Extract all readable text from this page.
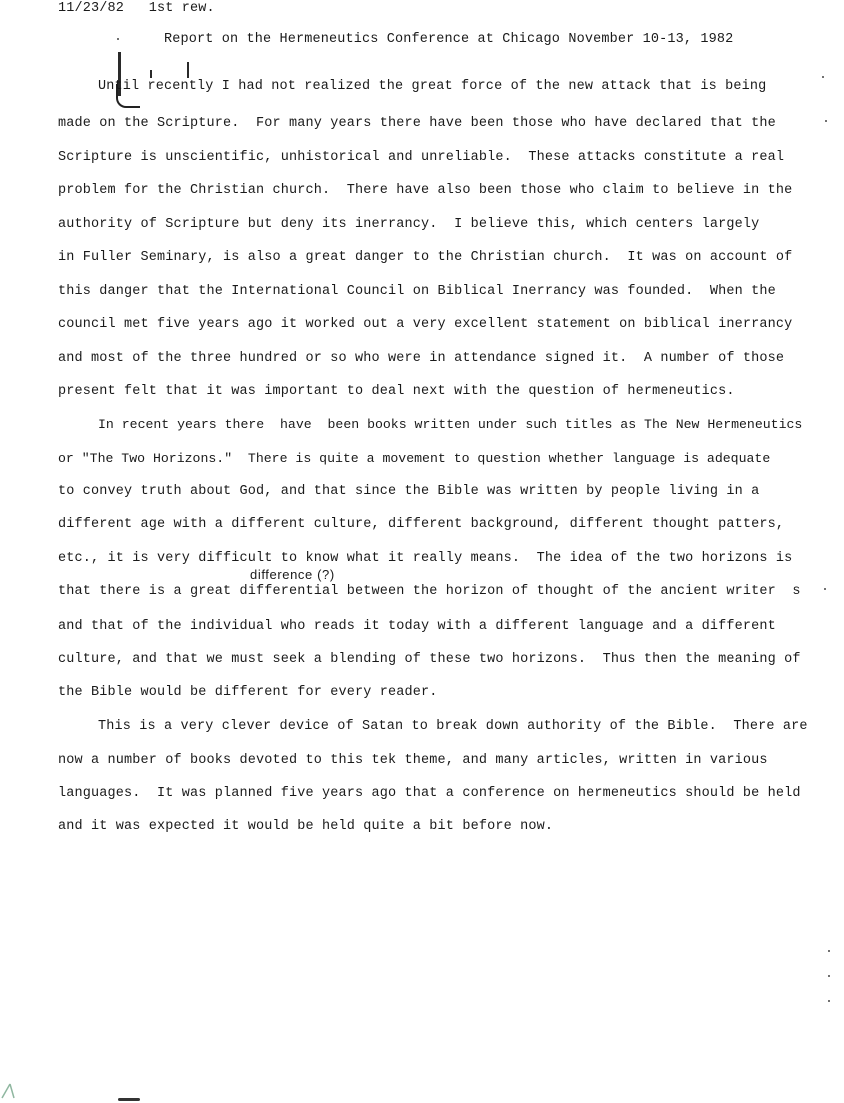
11/23/82   1st rew.
Report on the Hermeneutics Conference at Chicago November 10-13, 1982
Until recently I had not realized the great force of the new attack that is being
made on the Scripture.  For many years there have been those who have declared that the
Scripture is unscientific, unhistorical and unreliable.  These attacks constitute a real
problem for the Christian church.  There have also been those who claim to believe in the
authority of Scripture but deny its inerrancy.  I believe this, which centers largely
in Fuller Seminary, is also a great danger to the Christian church.  It was on account of
this danger that the International Council on Biblical Inerrancy was founded.  When the
council met five years ago it worked out a very excellent statement on biblical inerrancy
and most of the three hundred or so who were in attendance signed it.  A number of those
present felt that it was important to deal next with the question of hermeneutics.
In recent years there  have  been books written under such titles as The New Hermeneutics
or "The Two Horizons."  There is quite a movement to question whether language is adequate
to convey truth about God, and that since the Bible was written by people living in a
different age with a different culture, different background, different thought patters,
etc., it is very difficult to know what it really means.  The idea of the two horizons is
difference (?)
that there is a great differential between the horizon of thought of the ancient writer  s
and that of the individual who reads it today with a different language and a different
culture, and that we must seek a blending of these two horizons.  Thus then the meaning of
the Bible would be different for every reader.
This is a very clever device of Satan to break down authority of the Bible.  There are
now a number of books devoted to this tek theme, and many articles, written in various
languages.  It was planned five years ago that a conference on hermeneutics should be held
and it was expected it would be held quite a bit before now.
